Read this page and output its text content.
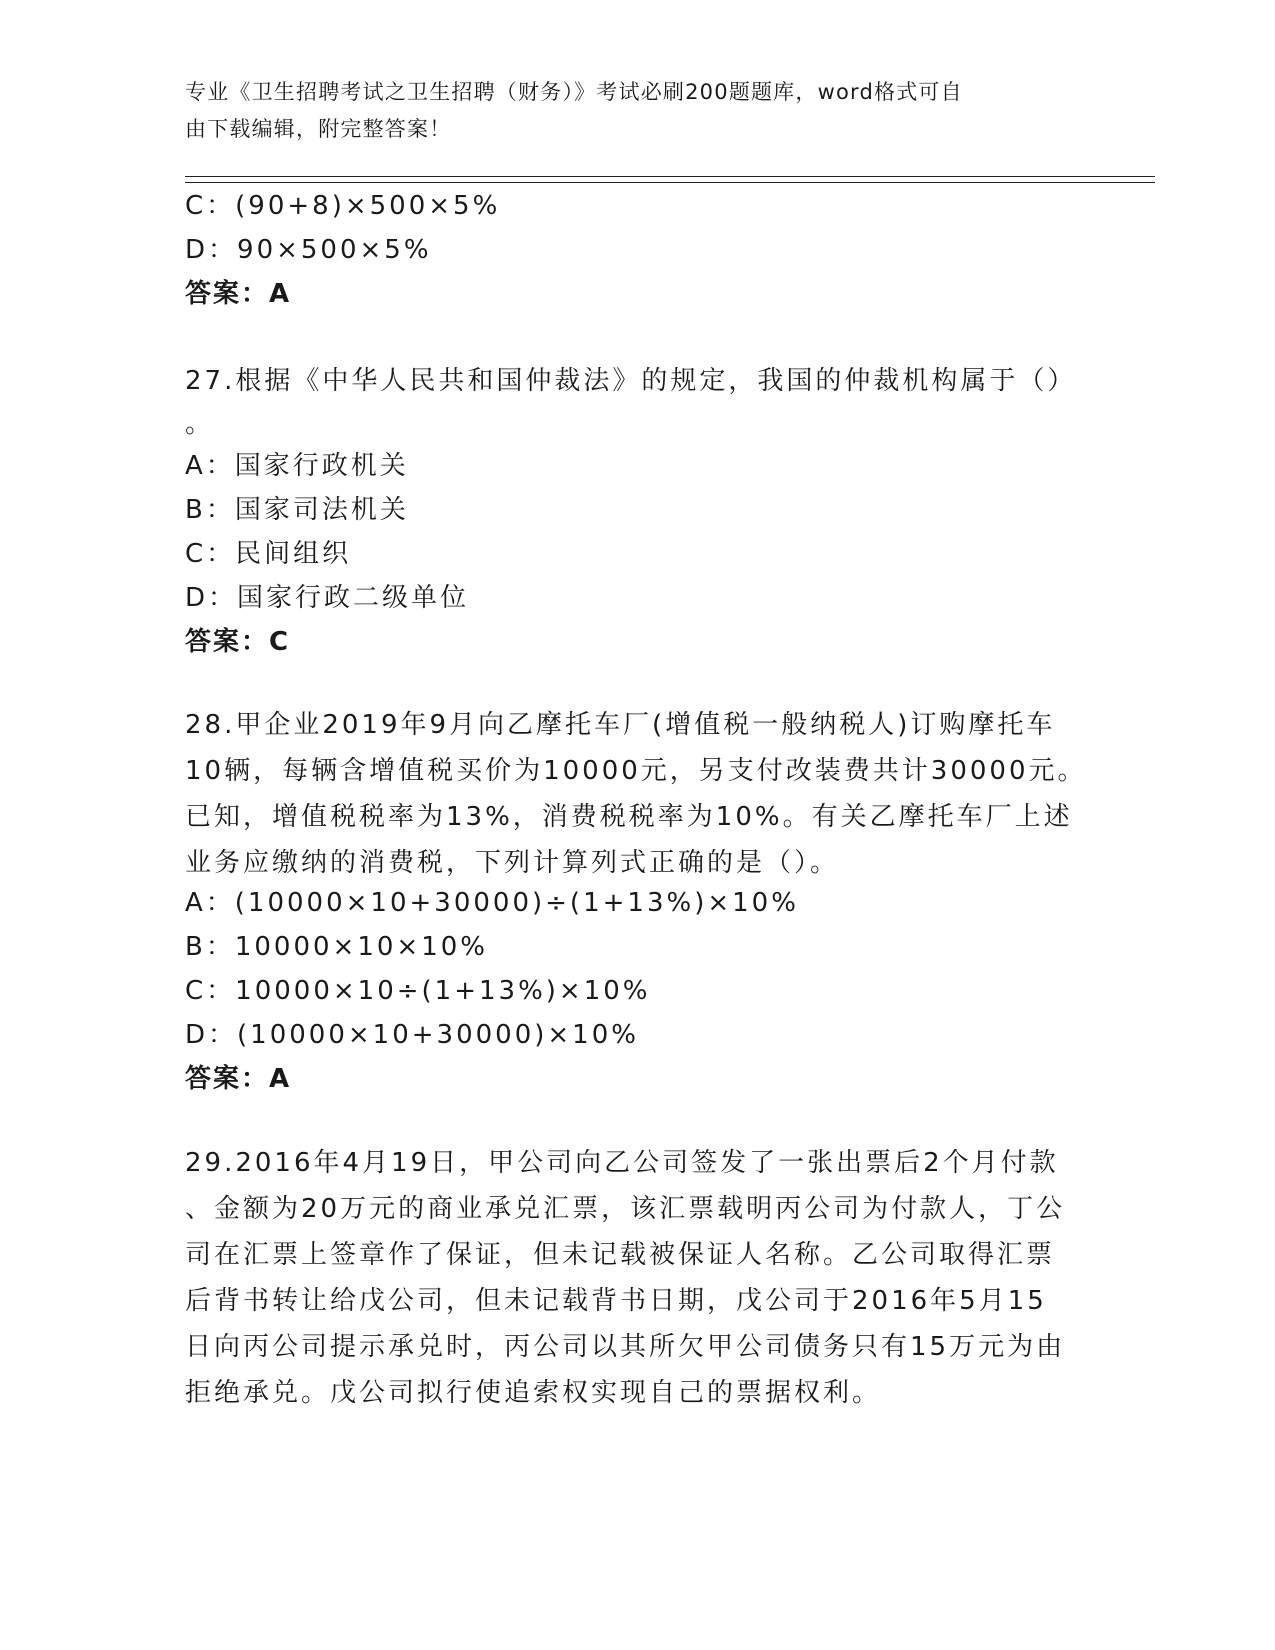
专业《卫生招聘考试之卫生招聘（财务）》考试必刷200题题库，word格式可自
由下载编辑，附完整答案！
C：(90+8)×500×5%
D：90×500×5%
答案：A
27.根据《中华人民共和国仲裁法》的规定，我国的仲裁机构属于（）
。
A：国家行政机关
B：国家司法机关
C：民间组织
D：国家行政二级单位
答案：C
28.甲企业2019年9月向乙摩托车厂(增值税一般纳税人)订购摩托车
10辆，每辆含增值税买价为10000元，另支付改装费共计30000元。
已知，增值税税率为13%，消费税税率为10%。有关乙摩托车厂上述
业务应缴纳的消费税，下列计算列式正确的是（）。
A：(10000×10+30000)÷(1+13%)×10%
B：10000×10×10%
C：10000×10÷(1+13%)×10%
D：(10000×10+30000)×10%
答案：A
29.2016年4月19日，甲公司向乙公司签发了一张出票后2个月付款
、金额为20万元的商业承兑汇票，该汇票载明丙公司为付款人，丁公
司在汇票上签章作了保证，但未记载被保证人名称。乙公司取得汇票
后背书转让给戊公司，但未记载背书日期，戊公司于2016年5月15
日向丙公司提示承兑时，丙公司以其所欠甲公司债务只有15万元为由
拒绝承兑。戊公司拟行使追索权实现自己的票据权利。
